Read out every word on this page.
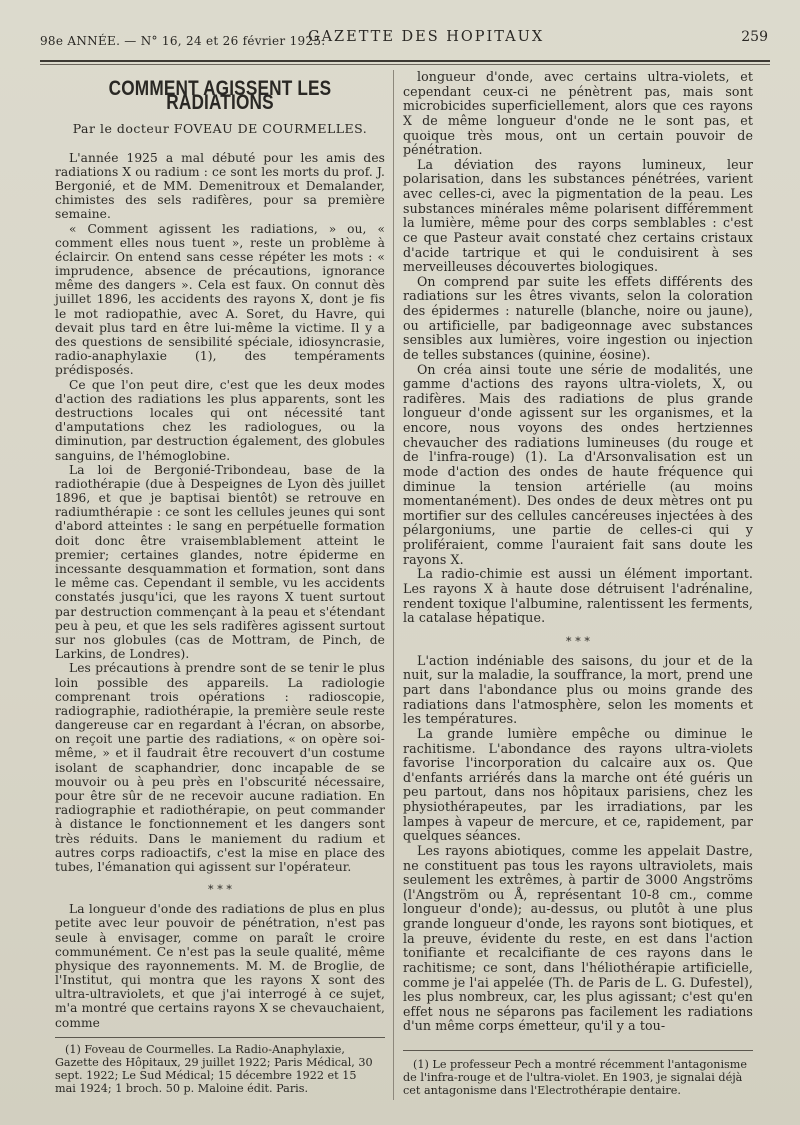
98e ANNÉE. — N° 16, 24 et 26 février 1925.
GAZETTE DES HOPITAUX	259
COMMENT AGISSENT LES RADIATIONS
Par le docteur FOVEAU DE COURMELLES.

L'année 1925 a mal débuté pour les amis des radiations X ou radium : ce sont les morts du prof. J. Bergonié, et de MM. Demenitroux et Demalander, chimistes des sels radifères, pour sa première semaine.

« Comment agissent les radiations, » ou, « comment elles nous tuent », reste un problème à éclaircir. On entend sans cesse répéter les mots : « imprudence, absence de précautions, ignorance même des dangers ». Cela est faux. On connut dès juillet 1896, les accidents des rayons X, dont je fis le mot radiopathie, avec A. Soret, du Havre, qui devait plus tard en être lui-même la victime. Il y a des questions de sensibilité spéciale, idiosyncrasie, radio-anaphylaxie (1), des tempéraments prédisposés.

Ce que l'on peut dire, c'est que les deux modes d'action des radiations les plus apparents, sont les destructions locales qui ont nécessité tant d'amputations chez les radiologues, ou la diminution, par destruction également, des globules sanguins, de l'hémoglobine.

La loi de Bergonié-Tribondeau, base de la radiothérapie (due à Despeignes de Lyon dès juillet 1896, et que je baptisai bientôt) se retrouve en radiumthérapie : ce sont les cellules jeunes qui sont d'abord atteintes : le sang en perpétuelle formation doit donc être vraisemblablement atteint le premier; certaines glandes, notre épiderme en incessante desquammation et formation, sont dans le même cas. Cependant il semble, vu les accidents constatés jusqu'ici, que les rayons X tuent surtout par destruction commençant à la peau et s'étendant peu à peu, et que les sels radifères agissent surtout sur nos globules (cas de Mottram, de Pinch, de Larkins, de Londres).

Les précautions à prendre sont de se tenir le plus loin possible des appareils. La radiologie comprenant trois opérations : radioscopie, radiographie, radiothérapie, la première seule reste dangereuse car en regardant à l'écran, on absorbe, on reçoit une partie des radiations, « on opère soi-même, » et il faudrait être recouvert d'un costume isolant de scaphandrier, donc incapable de se mouvoir ou à peu près en l'obscurité nécessaire, pour être sûr de ne recevoir aucune radiation. En radiographie et radiothérapie, on peut commander à distance le fonctionnement et les dangers sont très réduits. Dans le maniement du radium et autres corps radioactifs, c'est la mise en place des tubes, l'émanation qui agissent sur l'opérateur.

* * *

La longueur d'onde des radiations de plus en plus petite avec leur pouvoir de pénétration, n'est pas seule à envisager, comme on paraît le croire communément. Ce n'est pas la seule qualité, même physique des rayonnements. M. M. de Broglie, de l'Institut, qui montra que les rayons X sont des ultra-ultraviolets, et que j'ai interrogé à ce sujet, m'a montré que certains rayons X se chevauchaient, comme

longueur d'onde, avec certains ultra-violets, et cependant ceux-ci ne pénètrent pas, mais sont microbicides superficiellement, alors que ces rayons X de même longueur d'onde ne le sont pas, et quoique très mous, ont un certain pouvoir de pénétration.

La déviation des rayons lumineux, leur polarisation, dans les substances pénétrées, varient avec celles-ci, avec la pigmentation de la peau. Les substances minérales même polarisent différemment la lumière, même pour des corps semblables : c'est ce que Pasteur avait constaté chez certains cristaux d'acide tartrique et qui le conduisirent à ses merveilleuses découvertes biologiques.

On comprend par suite les effets différents des radiations sur les êtres vivants, selon la coloration des épidermes : naturelle (blanche, noire ou jaune), ou artificielle, par badigeonnage avec substances sensibles aux lumières, voire ingestion ou injection de telles substances (quinine, éosine).

On créa ainsi toute une série de modalités, une gamme d'actions des rayons ultra-violets, X, ou radifères. Mais des radiations de plus grande longueur d'onde agissent sur les organismes, et la encore, nous voyons des ondes hertziennes chevaucher des radiations lumineuses (du rouge et de l'infra-rouge) (1). La d'Arsonvalisation est un mode d'action des ondes de haute fréquence qui diminue la tension artérielle (au moins momentanément). Des ondes de deux mètres ont pu mortifier sur des cellules cancéreuses injectées à des pélargoniums, une partie de celles-ci qui y proliféraient, comme l'auraient fait sans doute les rayons X.

La radio-chimie est aussi un élément important. Les rayons X à haute dose détruisent l'adrénaline, rendent toxique l'albumine, ralentissent les ferments, la catalase hépatique.

* * *

L'action indéniable des saisons, du jour et de la nuit, sur la maladie, la souffrance, la mort, prend une part dans l'abondance plus ou moins grande des radiations dans l'atmosphère, selon les moments et les températures.

La grande lumière empêche ou diminue le rachitisme. L'abondance des rayons ultra-violets favorise l'incorporation du calcaire aux os. Que d'enfants arriérés dans la marche ont été guéris un peu partout, dans nos hôpitaux parisiens, chez les physiothérapeutes, par les irradiations, par les lampes à vapeur de mercure, et ce, rapidement, par quelques séances.

Les rayons abiotiques, comme les appelait Dastre, ne constituent pas tous les rayons ultraviolets, mais seulement les extrêmes, à partir de 3000 Angströms (l'Angström ou Å, représentant 10-8 cm., comme longueur d'onde); au-dessus, ou plutôt à une plus grande longueur d'onde, les rayons sont biotiques, et la preuve, évidente du reste, en est dans l'action tonifiante et recalcifiante de ces rayons dans le rachitisme; ce sont, dans l'héliothérapie artificielle, comme je l'ai appelée (Th. de Paris de L. G. Dufestel), les plus nombreux, car, les plus agissant; c'est qu'en effet nous ne séparons pas facilement les radiations d'un même corps émetteur, qu'il y a tou-

(1) Foveau de Courmelles. La Radio-Anaphylaxie, Gazette des Hôpitaux, 29 juillet 1922; Paris Médical, 30 sept. 1922; Le Sud Médical; 15 décembre 1922 et 15 mai 1924; 1 broch. 50 p. Maloine édit. Paris.
(1) Le professeur Pech a montré récemment l'antagonisme de l'infra-rouge et de l'ultra-violet. En 1903, je signalai déjà cet antagonisme dans l'Electrothérapie dentaire.
